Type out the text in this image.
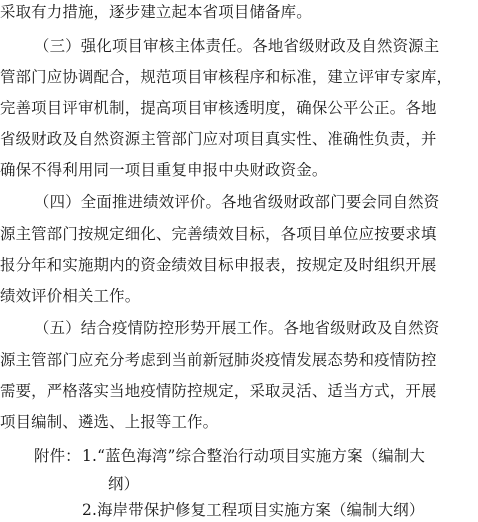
采取有力措施，逐步建立起本省项目储备库。
（三）强化项目审核主体责任。各地省级财政及自然资源主
管部门应协调配合，规范项目审核程序和标准，建立评审专家库，
完善项目评审机制，提高项目审核透明度，确保公平公正。各地
省级财政及自然资源主管部门应对项目真实性、准确性负责，并
确保不得利用同一项目重复申报中央财政资金。
（四）全面推进绩效评价。各地省级财政部门要会同自然资
源主管部门按规定细化、完善绩效目标，各项目单位应按要求填
报分年和实施期内的资金绩效目标申报表，按规定及时组织开展
绩效评价相关工作。
（五）结合疫情防控形势开展工作。各地省级财政及自然资
源主管部门应充分考虑到当前新冠肺炎疫情发展态势和疫情防控
需要，严格落实当地疫情防控规定，采取灵活、适当方式，开展
项目编制、遴选、上报等工作。
附件： 1.“蓝色海湾”综合整治行动项目实施方案（编制大
纲）
2.海岸带保护修复工程项目实施方案（编制大纲）
